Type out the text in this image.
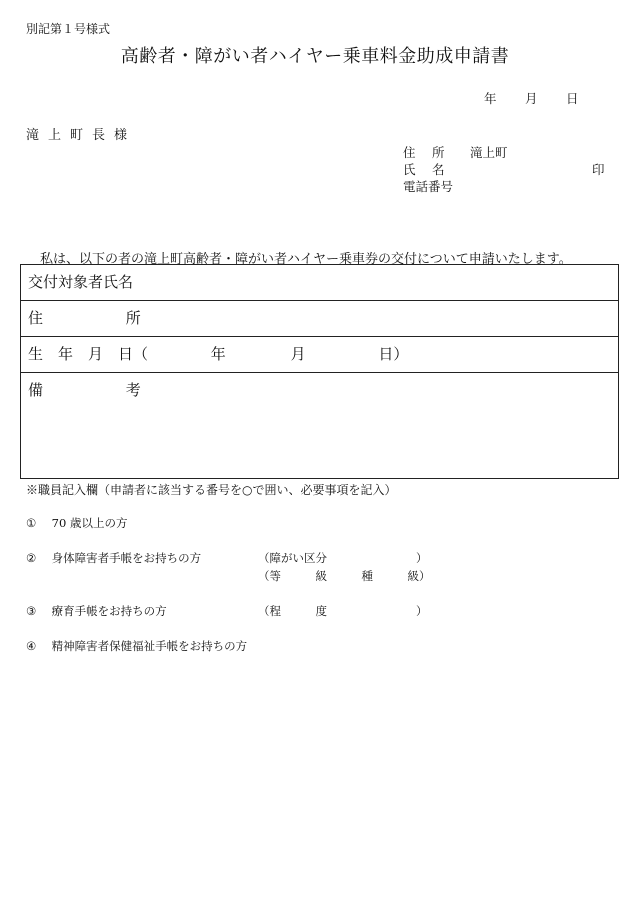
別記第１号様式
高齢者・障がい者ハイヤー乗車料金助成申請書
年 月 日
滝上町長様
住　 所 滝上町
氏　 名	印
電話番号
私は、以下の者の滝上町高齢者・障がい者ハイヤー乗車券の交付について申請いたします。
交付対象者氏名
住	所
生　年　月　日（	年	月	日）
備	考
※職員記入欄（申請者に該当する番号を○で囲い、必要事項を記入）
① 70 歳以上の方
② 身体障害者手帳をお持ちの方	（障がい区分	）
（等　　　級　　　種　　　級）
③ 療育手帳をお持ちの方	（程　　　度	）
④ 精神障害者保健福祉手帳をお持ちの方
